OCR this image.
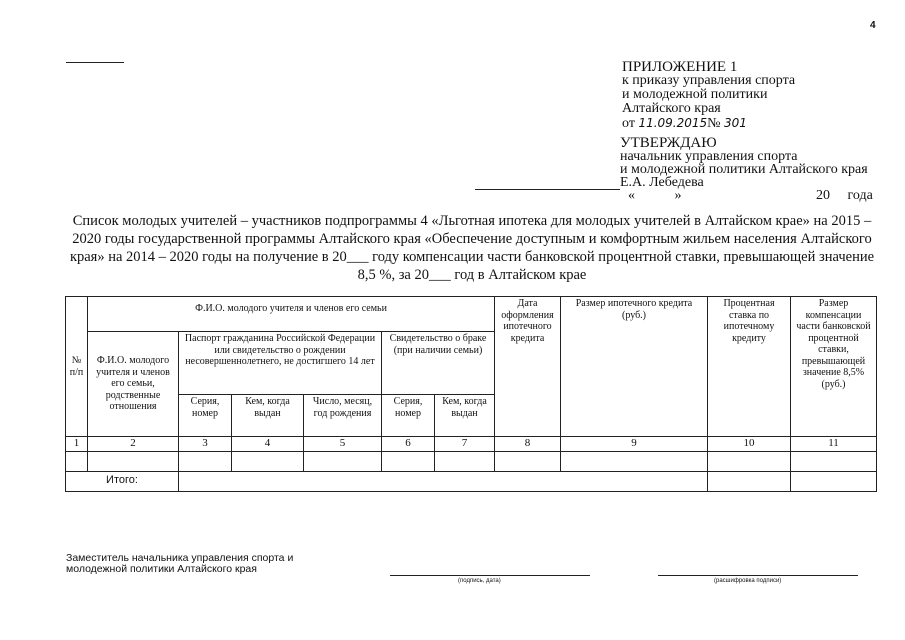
4
ПРИЛОЖЕНИЕ 1
к приказу управления спорта
и молодежной политики
Алтайского края
от 11.09.2015№ 301
УТВЕРЖДАЮ
начальник управления спорта
и молодежной политики Алтайского края
Е.А. Лебедева
«	»	20     года
Список молодых учителей – участников подпрограммы 4 «Льготная ипотека для молодых учителей в Алтайском крае» на 2015 – 2020 годы государственной программы Алтайского края «Обеспечение доступным и комфортным жильем населения Алтайского края» на 2014 – 2020 годы на получение в 20___ году компенсации части банковской процентной ставки, превышающей значение 8,5 %, за 20___ год в Алтайском крае
№ п/п	Ф.И.О. молодого учителя и членов его семьи						Дата оформления ипотечного кредита	Размер ипотечного кредита (руб.)	Процентная ставка по ипотечному кредиту	Размер компенсации части банковской процентной ставки, превышающей значение 8,5% (руб.)
	Ф.И.О. молодого учителя и членов его семьи, родственные отношения	Паспорт гражданина Российской Федерации или свидетельство о рождении несовершеннолетнего, не достигшего 14 лет			Свидетельство о браке (при наличии семьи)					
		Серия, номер	Кем, когда выдан	Число, месяц, год рождения	Серия, номер	Кем, когда выдан				
1	2	3	4	5	6	7	8	9	10	11

Итого:										
Заместитель начальника управления спорта и
молодежной политики Алтайского края
(подпись, дата)	(расшифровка подписи)
